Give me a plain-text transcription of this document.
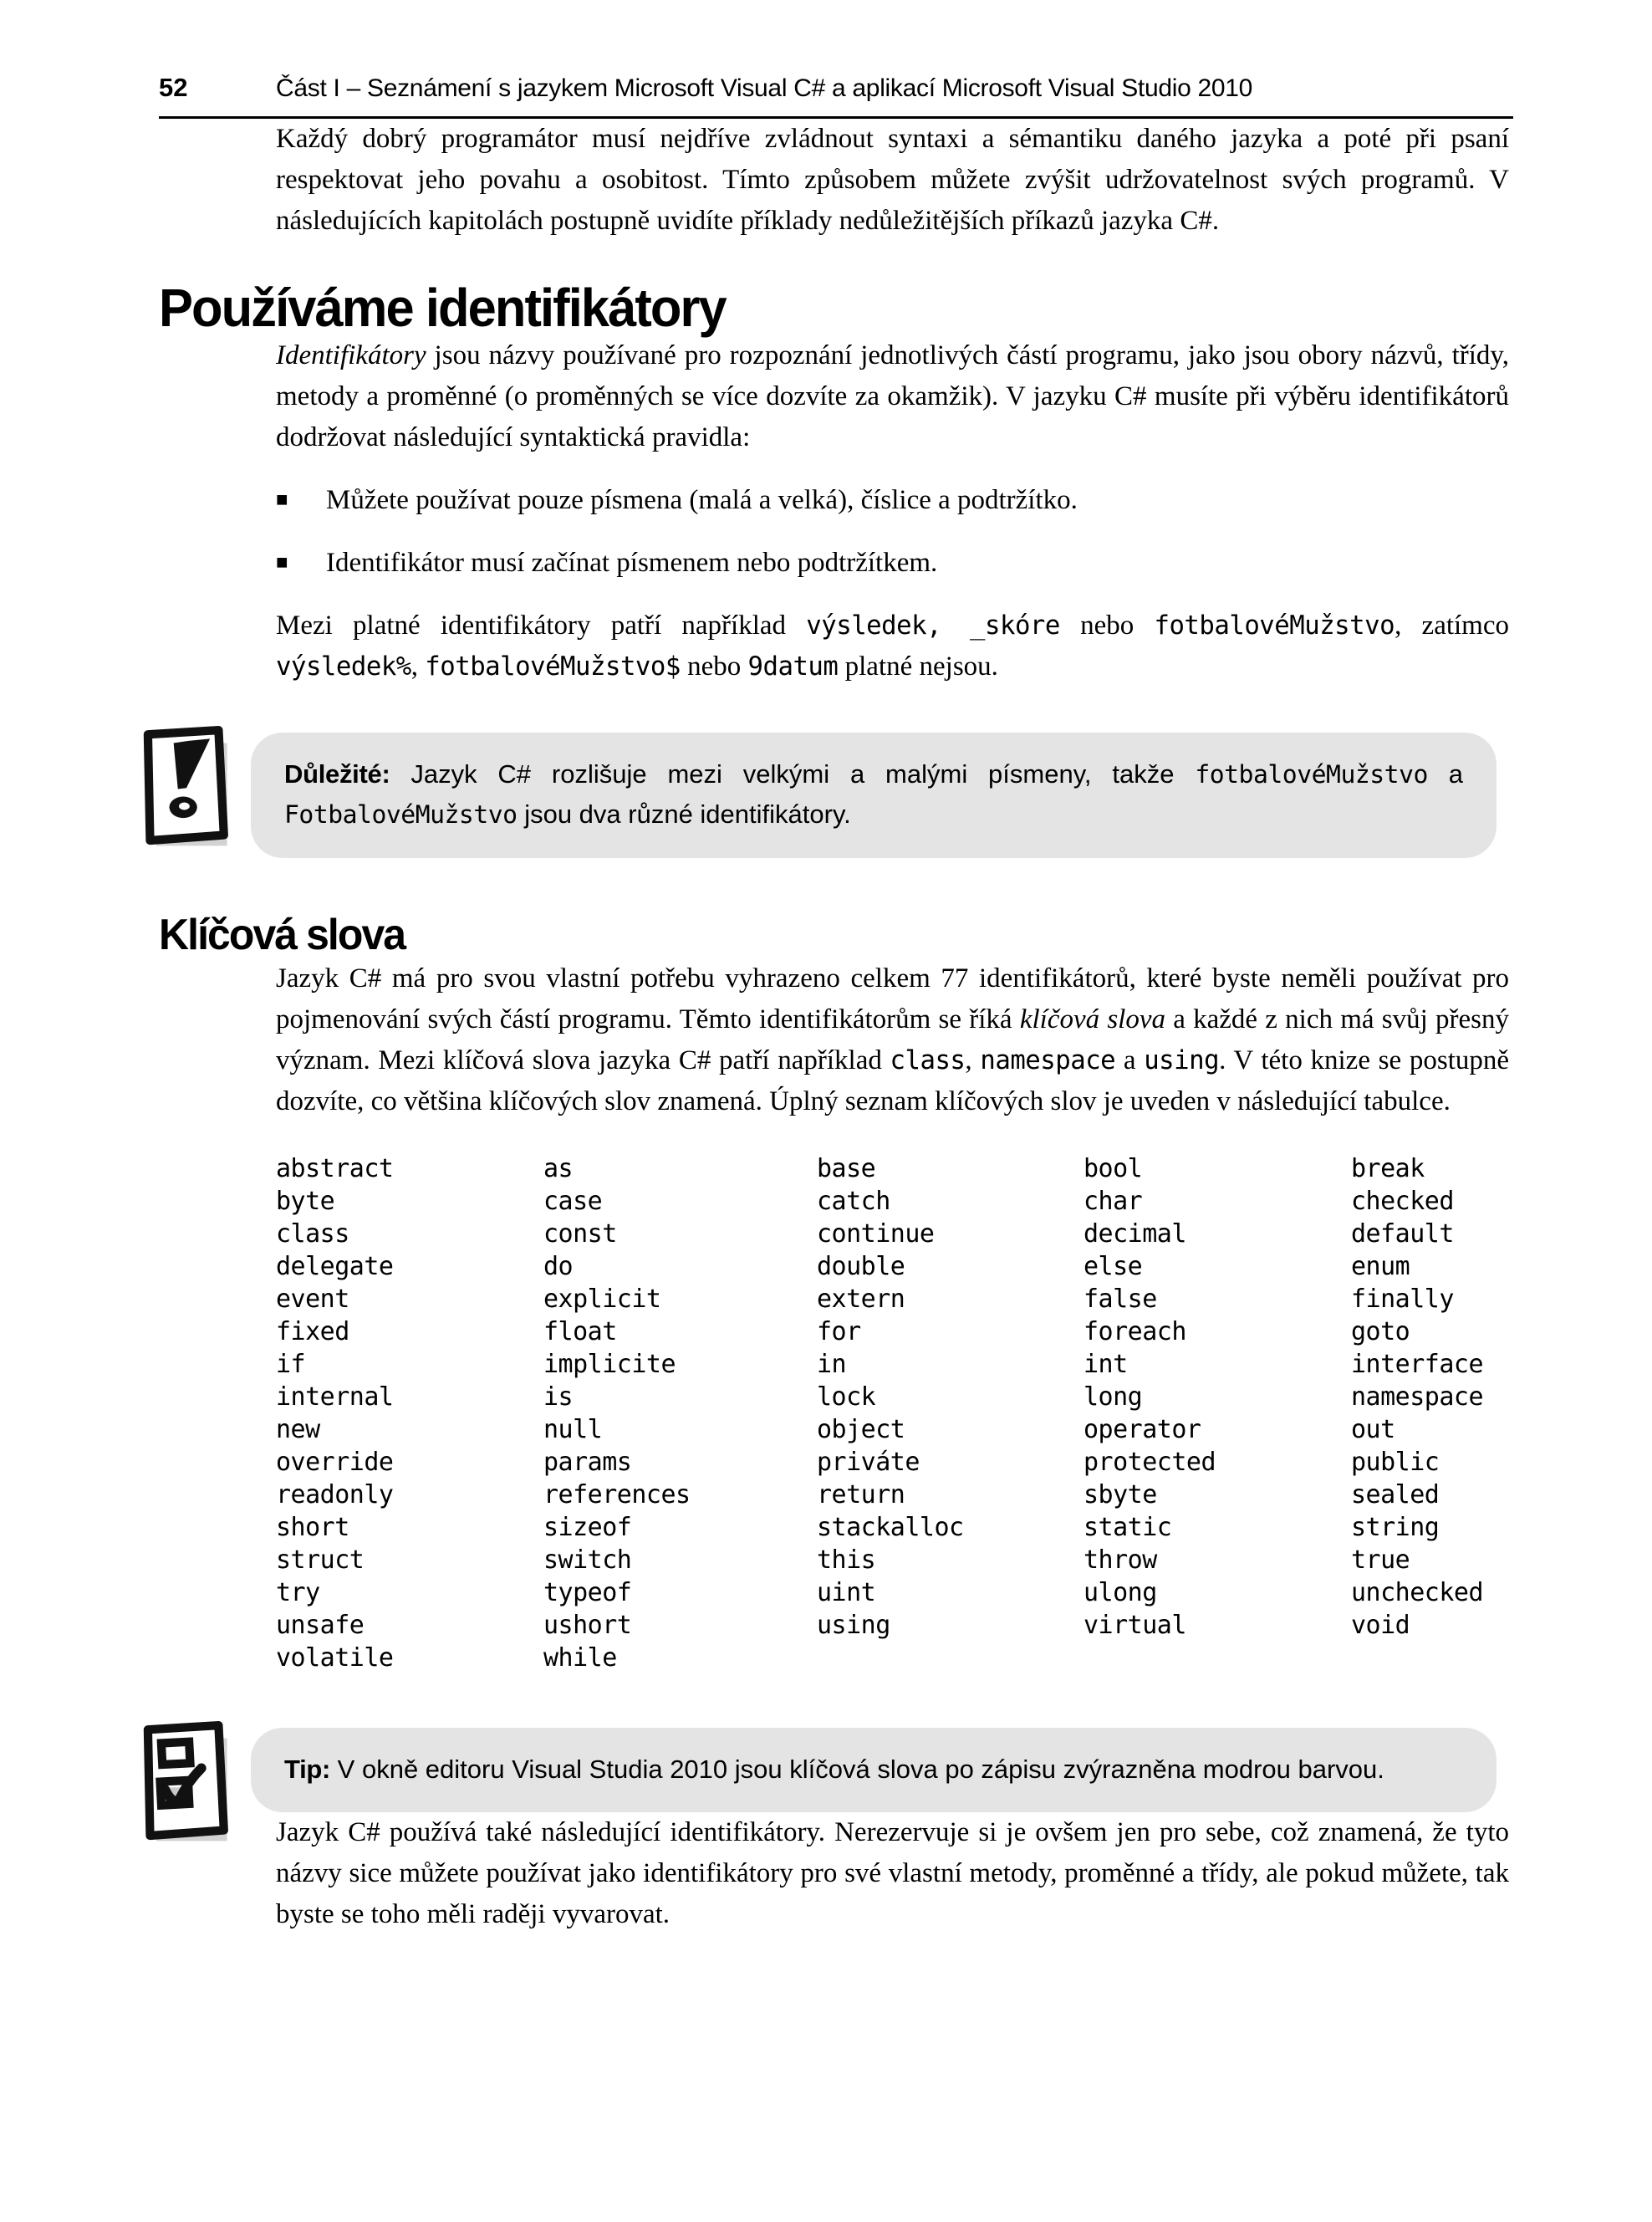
52	Část I – Seznámení s jazykem Microsoft Visual C# a aplikací Microsoft Visual Studio 2010

Každý dobrý programátor musí nejdříve zvládnout syntaxi a sémantiku daného jazyka a poté při psaní respektovat jeho povahu a osobitost. Tímto způsobem můžete zvýšit udržovatelnost svých programů. V následujících kapitolách postupně uvidíte příklady nedůležitějších příkazů jazyka C#.

Používáme identifikátory

Identifikátory jsou názvy používané pro rozpoznání jednotlivých částí programu, jako jsou obory názvů, třídy, metody a proměnné (o proměnných se více dozvíte za okamžik). V jazyku C# musíte při výběru identifikátorů dodržovat následující syntaktická pravidla:

■	Můžete používat pouze písmena (malá a velká), číslice a podtržítko.
■	Identifikátor musí začínat písmenem nebo podtržítkem.

Mezi platné identifikátory patří například výsledek, _skóre nebo fotbalovéMužstvo, zatímco výsledek%, fotbalovéMužstvo$ nebo 9datum platné nejsou.

Důležité: Jazyk C# rozlišuje mezi velkými a malými písmeny, takže fotbalovéMužstvo a FotbalovéMužstvo jsou dva různé identifikátory.
Klíčová slova

Jazyk C# má pro svou vlastní potřebu vyhrazeno celkem 77 identifikátorů, které byste neměli používat pro pojmenování svých částí programu. Těmto identifikátorům se říká klíčová slova a každé z nich má svůj přesný význam. Mezi klíčová slova jazyka C# patří například class, namespace a using. V této knize se postupně dozvíte, co většina klíčových slov znamená. Úplný seznam klíčových slov je uveden v následující tabulce.

abstract	as	base	bool	break
byte	case	catch	char	checked
class	const	continue	decimal	default
delegate	do	double	else	enum
event	explicit	extern	false	finally
fixed	float	for	foreach	goto
if	implicite	in	int	interface
internal	is	lock	long	namespace
new	null	object	operator	out
override	params	priváte	protected	public
readonly	references	return	sbyte	sealed
short	sizeof	stackalloc	static	string
struct	switch	this	throw	true
try	typeof	uint	ulong	unchecked
unsafe	ushort	using	virtual	void
volatile	while
Tip: V okně editoru Visual Studia 2010 jsou klíčová slova po zápisu zvýrazněna modrou barvou.

Jazyk C# používá také následující identifikátory. Nerezervuje si je ovšem jen pro sebe, což znamená, že tyto názvy sice můžete používat jako identifikátory pro své vlastní metody, proměnné a třídy, ale pokud můžete, tak byste se toho měli raději vyvarovat.
